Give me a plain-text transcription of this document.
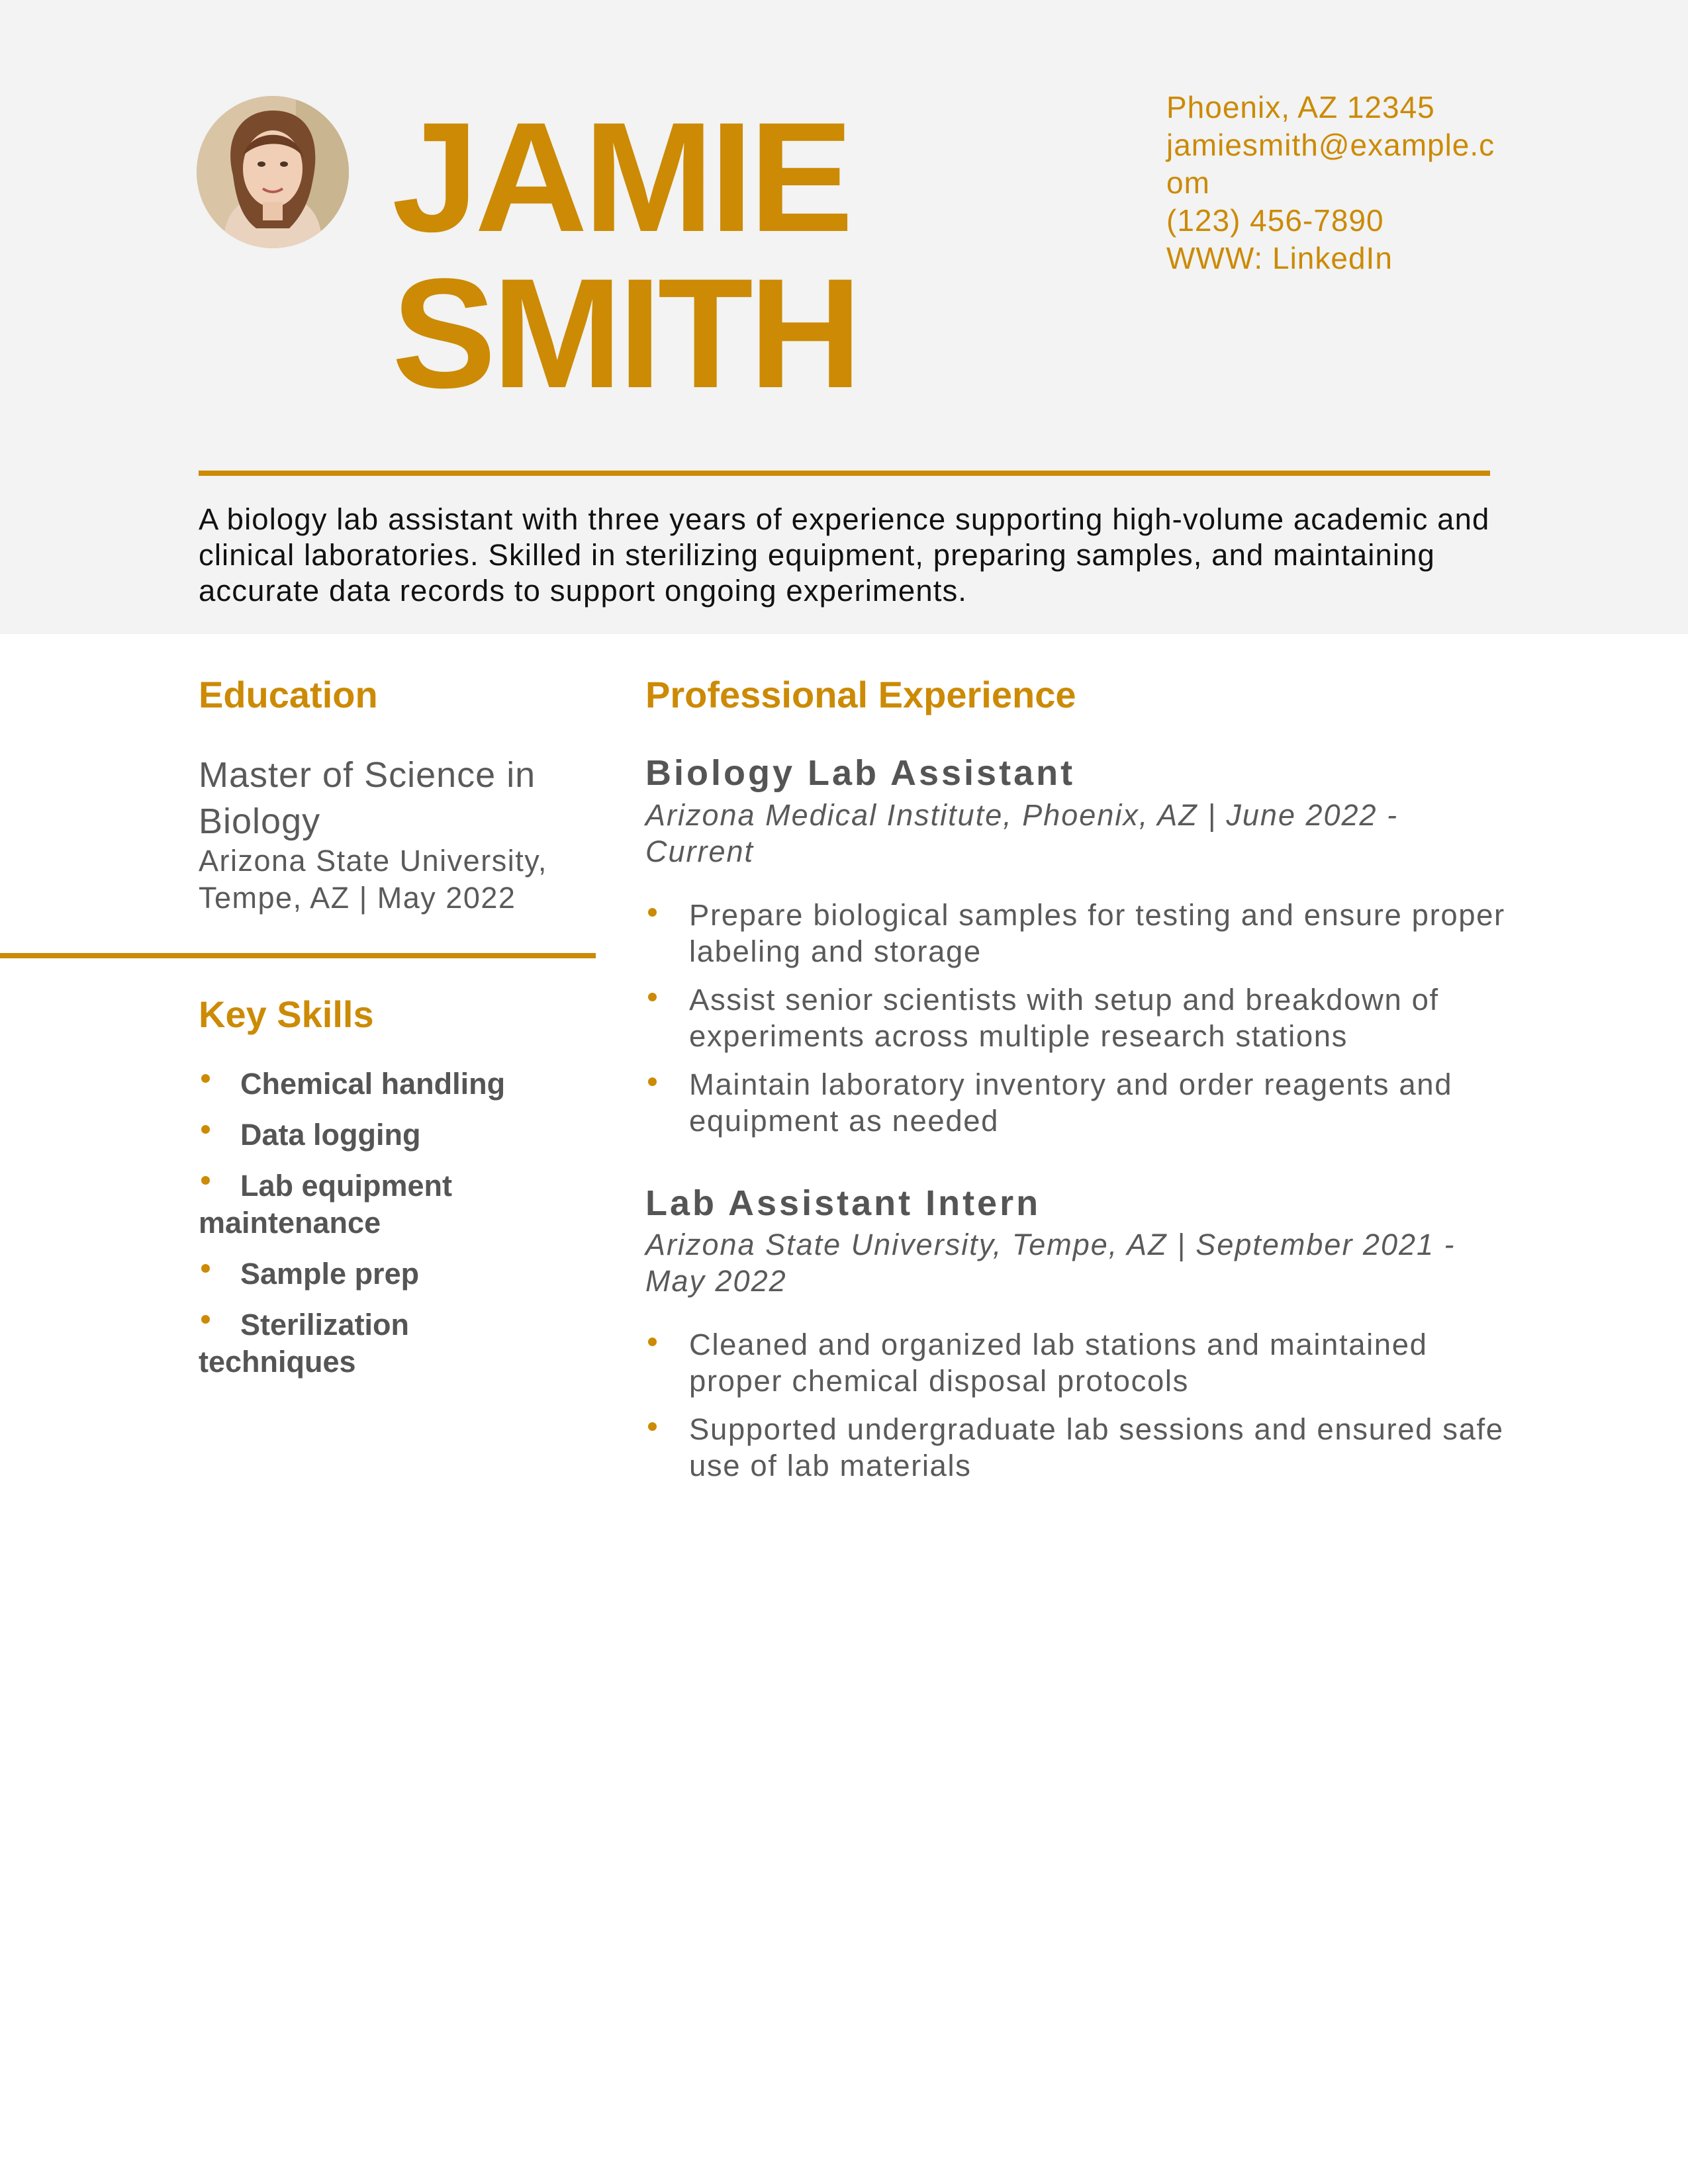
JAMIE
SMITH
Phoenix, AZ 12345
jamiesmith@example.com
(123) 456-7890
WWW: LinkedIn

A biology lab assistant with three years of experience supporting high-volume academic and clinical laboratories. Skilled in sterilizing equipment, preparing samples, and maintaining accurate data records to support ongoing experiments.

Education
Master of Science in Biology
Arizona State University, Tempe, AZ | May 2022
Key Skills
Chemical handling
Data logging
Lab equipment maintenance
Sample prep
Sterilization techniques
Professional Experience
Biology Lab Assistant
Arizona Medical Institute, Phoenix, AZ | June 2022 - Current
Prepare biological samples for testing and ensure proper labeling and storage
Assist senior scientists with setup and breakdown of experiments across multiple research stations
Maintain laboratory inventory and order reagents and equipment as needed
Lab Assistant Intern
Arizona State University, Tempe, AZ | September 2021 - May 2022
Cleaned and organized lab stations and maintained proper chemical disposal protocols
Supported undergraduate lab sessions and ensured safe use of lab materials
